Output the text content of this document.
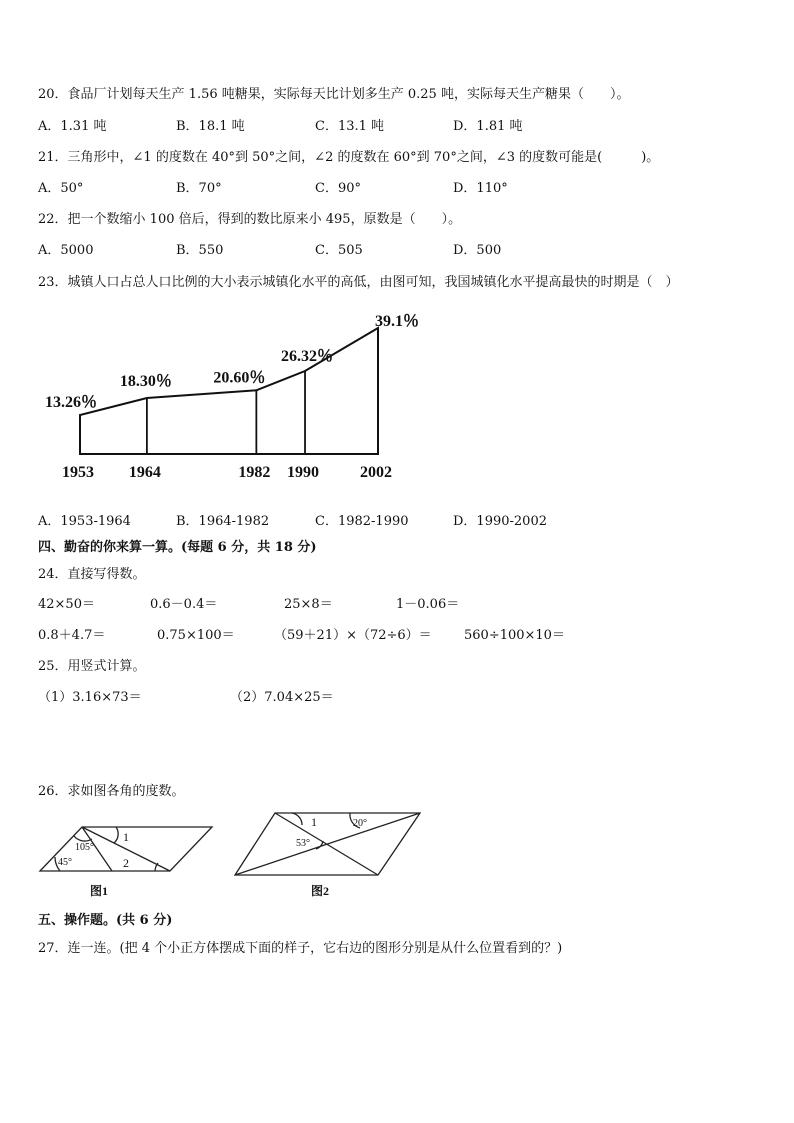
20．食品厂计划每天生产 1.56 吨糖果，实际每天比计划多生产 0.25 吨，实际每天生产糖果（　　）。
A．1.31 吨	B．18.1 吨	C．13.1 吨	D．1.81 吨
21．三角形中，∠1 的度数在 40°到 50°之间，∠2 的度数在 60°到 70°之间，∠3 的度数可能是(　　　)。
A．50°	B．70°	C．90°	D．110°
22．把一个数缩小 100 倍后，得到的数比原来小 495，原数是（　　）。
A．5000	B．550	C．505	D．500
23．城镇人口占总人口比例的大小表示城镇化水平的高低，由图可知，我国城镇化水平提高最快的时期是（　）
13.26％
18.30％	20.60％
26.32％
39.1％
1953 1964	1982 1990	2002
A．1953-1964	B．1964-1982	C．1982-1990	D．1990-2002
四、勤奋的你来算一算。(每题 6 分，共 18 分)
24．直接写得数。
42×50＝	0.6－0.4＝	25×8＝	1－0.06＝
0.8＋4.7＝	0.75×100＝	（59＋21）×（72÷6）＝ 560÷100×10＝
25．用竖式计算。
（1）3.16×73＝	（2）7.04×25＝
26．求如图各角的度数。
1
105°
45°	2
图1
1	20°
53°
图2
五、操作题。(共 6 分)
27．连一连。(把 4 个小正方体摆成下面的样子，它右边的图形分别是从什么位置看到的？)
